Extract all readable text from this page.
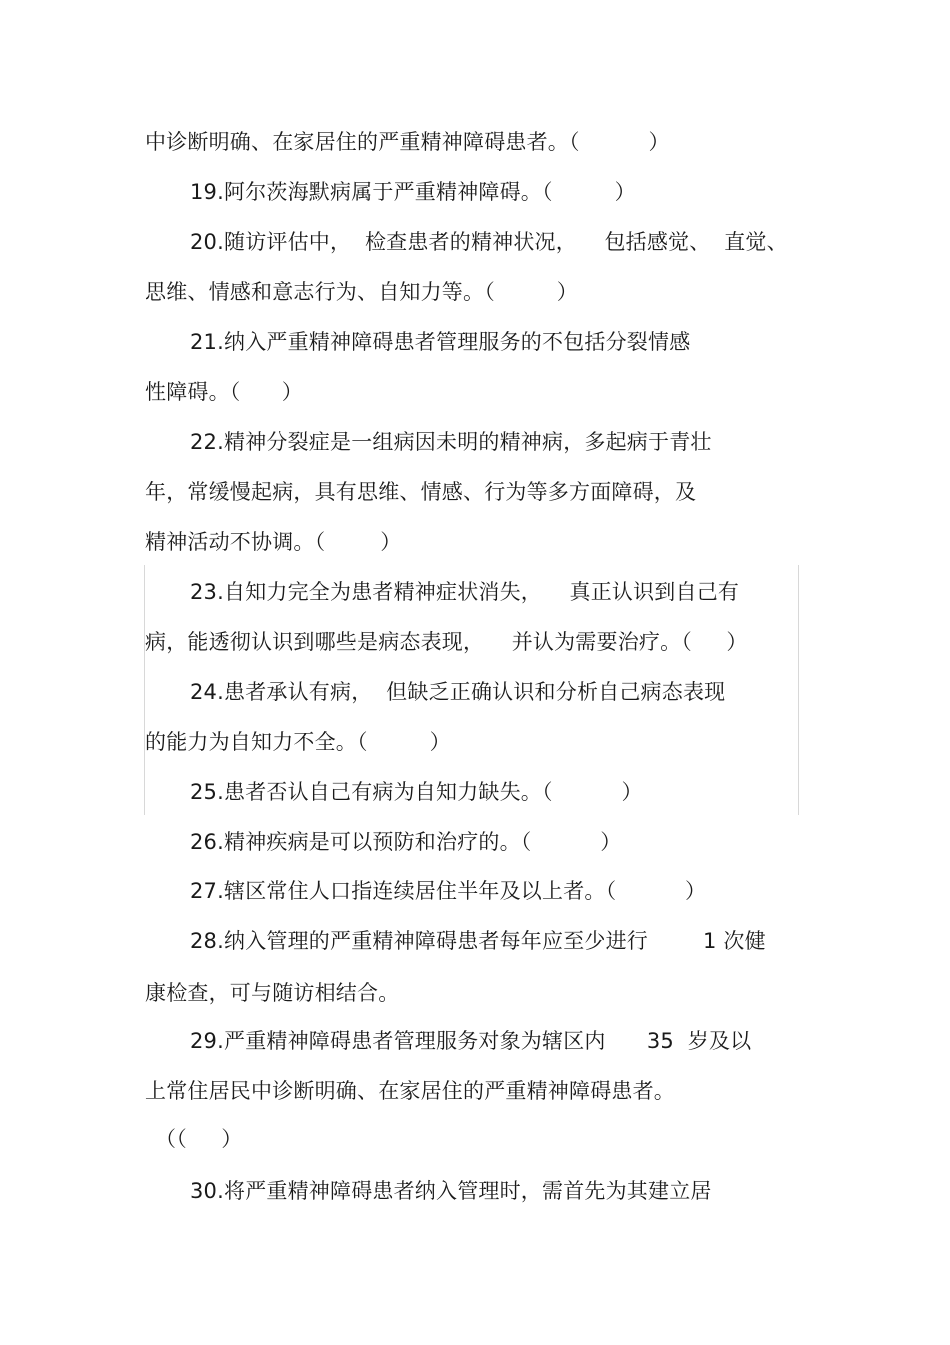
中诊断明确、在家居住的严重精神障碍患者。（          ）
19.阿尔茨海默病属于严重精神障碍。（         ）
20.随访评估中，  检查患者的精神状况，    包括感觉、  直觉、
思维、情感和意志行为、自知力等。（         ）
21.纳入严重精神障碍患者管理服务的不包括分裂情感
性障碍。（      ）
22.精神分裂症是一组病因未明的精神病，多起病于青壮
年，常缓慢起病，具有思维、情感、行为等多方面障碍，及
精神活动不协调。（        ）
23.自知力完全为患者精神症状消失，    真正认识到自己有
病，能透彻认识到哪些是病态表现，    并认为需要治疗。（     ）
24.患者承认有病，  但缺乏正确认识和分析自己病态表现
的能力为自知力不全。（         ）
25.患者否认自己有病为自知力缺失。（          ）
26.精神疾病是可以预防和治疗的。（          ）
27.辖区常住人口指连续居住半年及以上者。（          ）
28.纳入管理的严重精神障碍患者每年应至少进行        1 次健
康检查，可与随访相结合。
29.严重精神障碍患者管理服务对象为辖区内      35  岁及以
上常住居民中诊断明确、在家居住的严重精神障碍患者。
（（     ）
30.将严重精神障碍患者纳入管理时，需首先为其建立居
